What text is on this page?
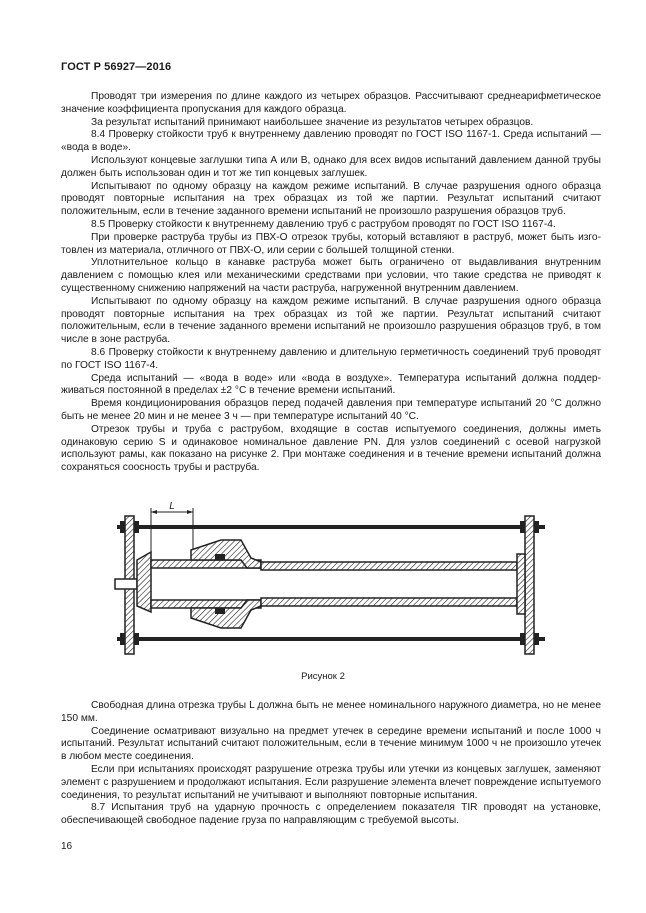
ГОСТ Р 56927—2016

Проводят три измерения по длине каждого из четырех образцов. Рассчитывают среднеарифметическое значение коэффициента пропускания для каждого образца.

За результат испытаний принимают наибольшее значение из результатов четырех образцов.

8.4 Проверку стойкости труб к внутреннему давлению проводят по ГОСТ ISO 1167-1. Среда испытаний — «вода в воде».

Используют концевые заглушки типа А или В, однако для всех видов испытаний давлением данной трубы должен быть использован один и тот же тип концевых заглушек.

Испытывают по одному образцу на каждом режиме испытаний. В случае разрушения одного образца проводят повторные испытания на трех образцах из той же партии. Результат испытаний считают положительным, если в течение заданного времени испытаний не произошло разрушения образцов труб.

8.5 Проверку стойкости к внутреннему давлению труб с раструбом проводят по ГОСТ ISO 1167-4.

При проверке раструба трубы из ПВХ-О отрезок трубы, который вставляют в раструб, может быть изготовлен из материала, отличного от ПВХ-О, или серии с большей толщиной стенки.

Уплотнительное кольцо в канавке раструба может быть ограничено от выдавливания внутренним давлением с помощью клея или механическими средствами при условии, что такие средства не приводят к существенному снижению напряжений на части раструба, нагруженной внутренним давлением.

Испытывают по одному образцу на каждом режиме испытаний. В случае разрушения одного образца проводят повторные испытания на трех образцах из той же партии. Результат испытаний считают положительным, если в течение заданного времени испытаний не произошло разрушения образцов труб, в том числе в зоне раструба.

8.6 Проверку стойкости к внутреннему давлению и длительную герметичность соединений труб проводят по ГОСТ ISO 1167-4.

Среда испытаний — «вода в воде» или «вода в воздухе». Температура испытаний должна поддерживаться постоянной в пределах ±2 °С в течение времени испытаний.

Время кондиционирования образцов перед подачей давления при температуре испытаний 20 °С должно быть не менее 20 мин и не менее 3 ч — при температуре испытаний 40 °С.

Отрезок трубы и труба с раструбом, входящие в состав испытуемого соединения, должны иметь одинаковую серию S и одинаковое номинальное давление PN. Для узлов соединений с осевой нагрузкой используют рамы, как показано на рисунке 2. При монтаже соединения и в течение времени испытаний должна сохраняться соосность трубы и раструба.

L
Рисунок 2

Свободная длина отрезка трубы L должна быть не менее номинального наружного диаметра, но не менее 150 мм.

Соединение осматривают визуально на предмет утечек в середине времени испытаний и после 1000 ч испытаний. Результат испытаний считают положительным, если в течение минимум 1000 ч не произошло утечек в любом месте соединения.

Если при испытаниях происходят разрушение отрезка трубы или утечки из концевых заглушек, заменяют элемент с разрушением и продолжают испытания. Если разрушение элемента влечет повреждение испытуемого соединения, то результат испытаний не учитывают и выполняют повторные испытания.

8.7 Испытания труб на ударную прочность с определением показателя TIR проводят на установке, обеспечивающей свободное падение груза по направляющим с требуемой высоты.

16
